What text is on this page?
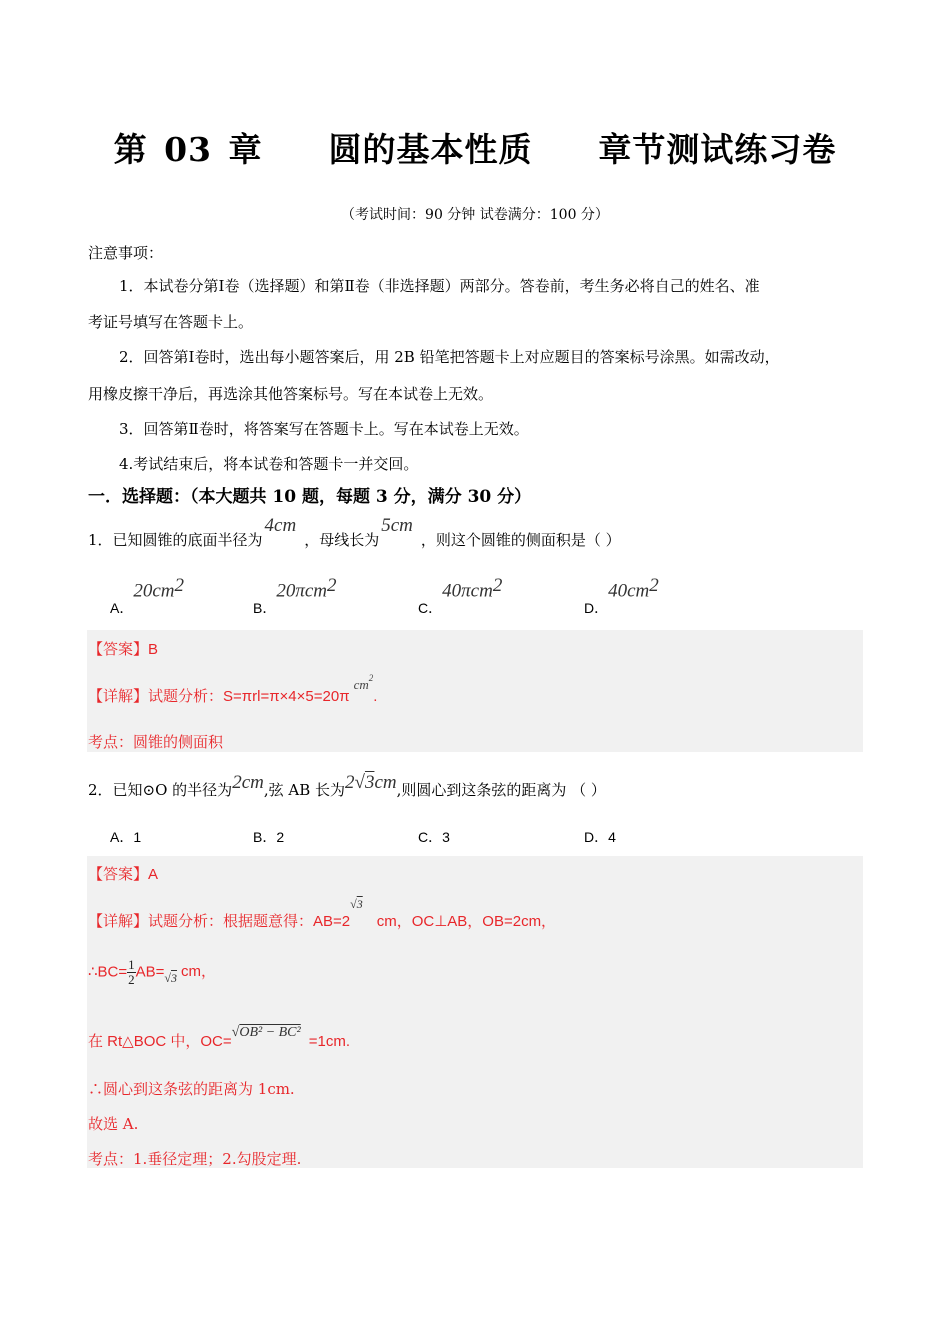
第 03 章    圆的基本性质    章节测试练习卷
（考试时间：90 分钟 试卷满分：100 分）
注意事项：
1．本试卷分第Ⅰ卷（选择题）和第Ⅱ卷（非选择题）两部分。答卷前，考生务必将自己的姓名、准
考证号填写在答题卡上。
2．回答第Ⅰ卷时，选出每小题答案后，用 2B 铅笔把答题卡上对应题目的答案标号涂黑。如需改动，
用橡皮擦干净后，再选涂其他答案标号。写在本试卷上无效。
3．回答第Ⅱ卷时，将答案写在答题卡上。写在本试卷上无效。
4.考试结束后，将本试卷和答题卡一并交回。
一．选择题：（本大题共 10 题，每题 3 分，满分 30 分）
1．已知圆锥的底面半径为4cm，母线长为5cm，则这个圆锥的侧面积是（ ）
A．$20cm^2$
B．20πcm$^2$
C．40πcm$^2$
D．$40cm^2$
【答案】B
【详解】试题分析：S=πrl=π×4×5=20πcm$^2$.
考点：圆锥的侧面积
2．已知⊙O 的半径为2cm,弦 AB 长为2√3cm,则圆心到这条弦的距离为 （ ）
A．1	B．2	C．3	D．4
【答案】A
【详解】试题分析：根据题意得：$AB=2^{√3}cm$，OC⊥AB，OB=2cm，
∴BC= $\frac{1}{2} AB=_{√3}$ cm，
在 Rt△BOC 中，OC=√OB² − BC²=1cm.
∴圆心到这条弦的距离为 1cm.
故选 A.
考点：1.垂径定理；2.勾股定理.
